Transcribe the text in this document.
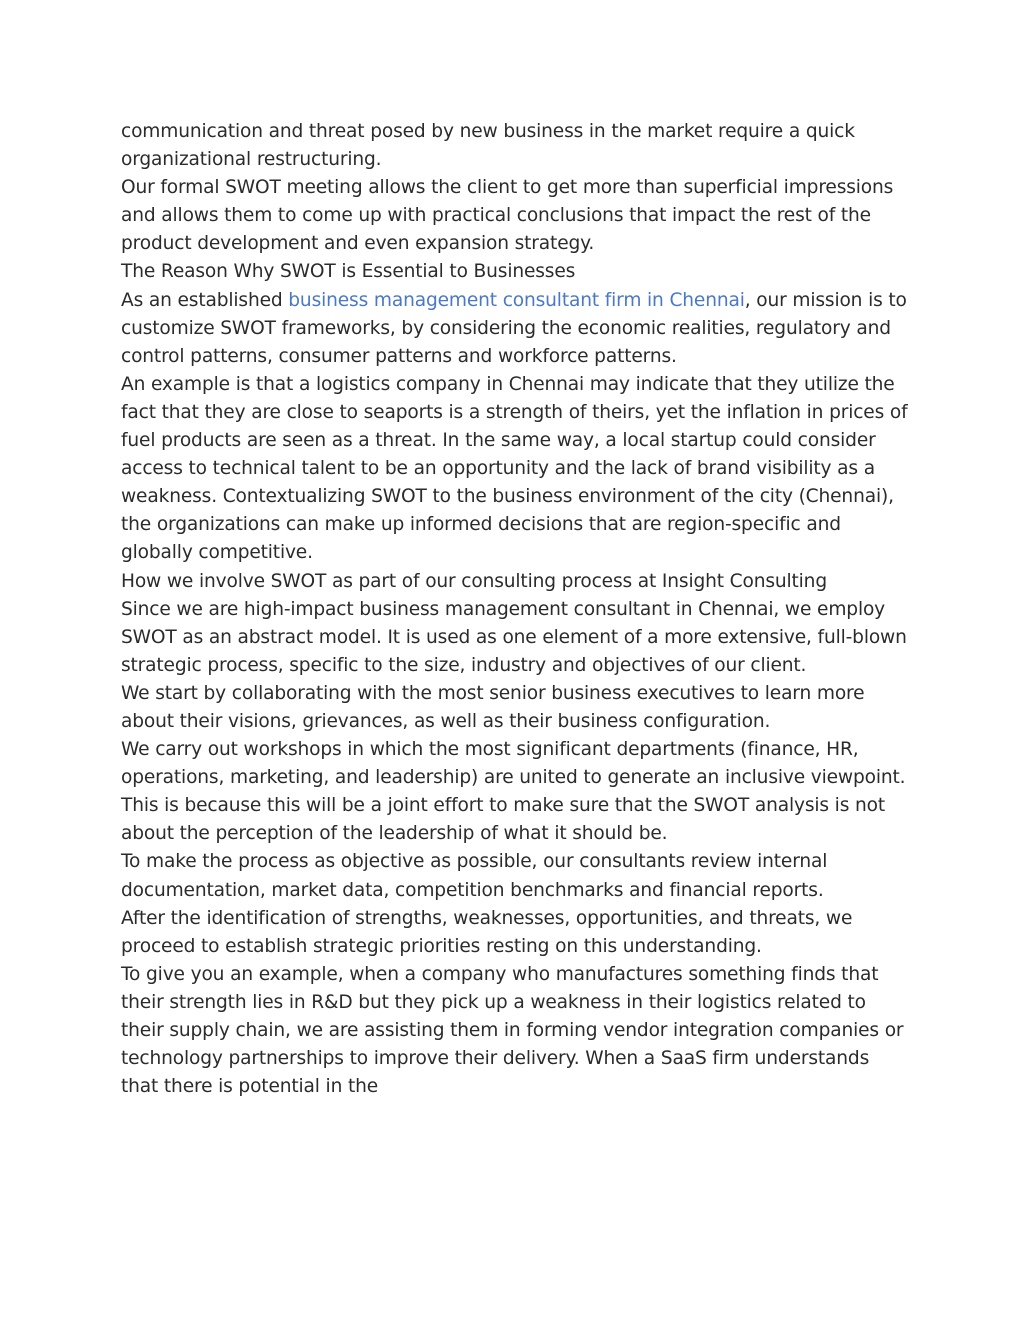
communication and threat posed by new business in the market require a quick organizational restructuring.

Our formal SWOT meeting allows the client to get more than superficial impressions and allows them to come up with practical conclusions that impact the rest of the product development and even expansion strategy.

The Reason Why SWOT is Essential to Businesses

As an established business management consultant firm in Chennai, our mission is to customize SWOT frameworks, by considering the economic realities, regulatory and control patterns, consumer patterns and workforce patterns.

An example is that a logistics company in Chennai may indicate that they utilize the fact that they are close to seaports is a strength of theirs, yet the inflation in prices of fuel products are seen as a threat. In the same way, a local startup could consider access to technical talent to be an opportunity and the lack of brand visibility as a weakness. Contextualizing SWOT to the business environment of the city (Chennai), the organizations can make up informed decisions that are region-specific and globally competitive.

How we involve SWOT as part of our consulting process at Insight Consulting

Since we are high-impact business management consultant in Chennai, we employ SWOT as an abstract model. It is used as one element of a more extensive, full-blown strategic process, specific to the size, industry and objectives of our client.

We start by collaborating with the most senior business executives to learn more about their visions, grievances, as well as their business configuration.

We carry out workshops in which the most significant departments (finance, HR, operations, marketing, and leadership) are united to generate an inclusive viewpoint. This is because this will be a joint effort to make sure that the SWOT analysis is not about the perception of the leadership of what it should be.

To make the process as objective as possible, our consultants review internal documentation, market data, competition benchmarks and financial reports.

After the identification of strengths, weaknesses, opportunities, and threats, we proceed to establish strategic priorities resting on this understanding.

To give you an example, when a company who manufactures something finds that their strength lies in R&D but they pick up a weakness in their logistics related to their supply chain, we are assisting them in forming vendor integration companies or technology partnerships to improve their delivery. When a SaaS firm understands that there is potential in the
